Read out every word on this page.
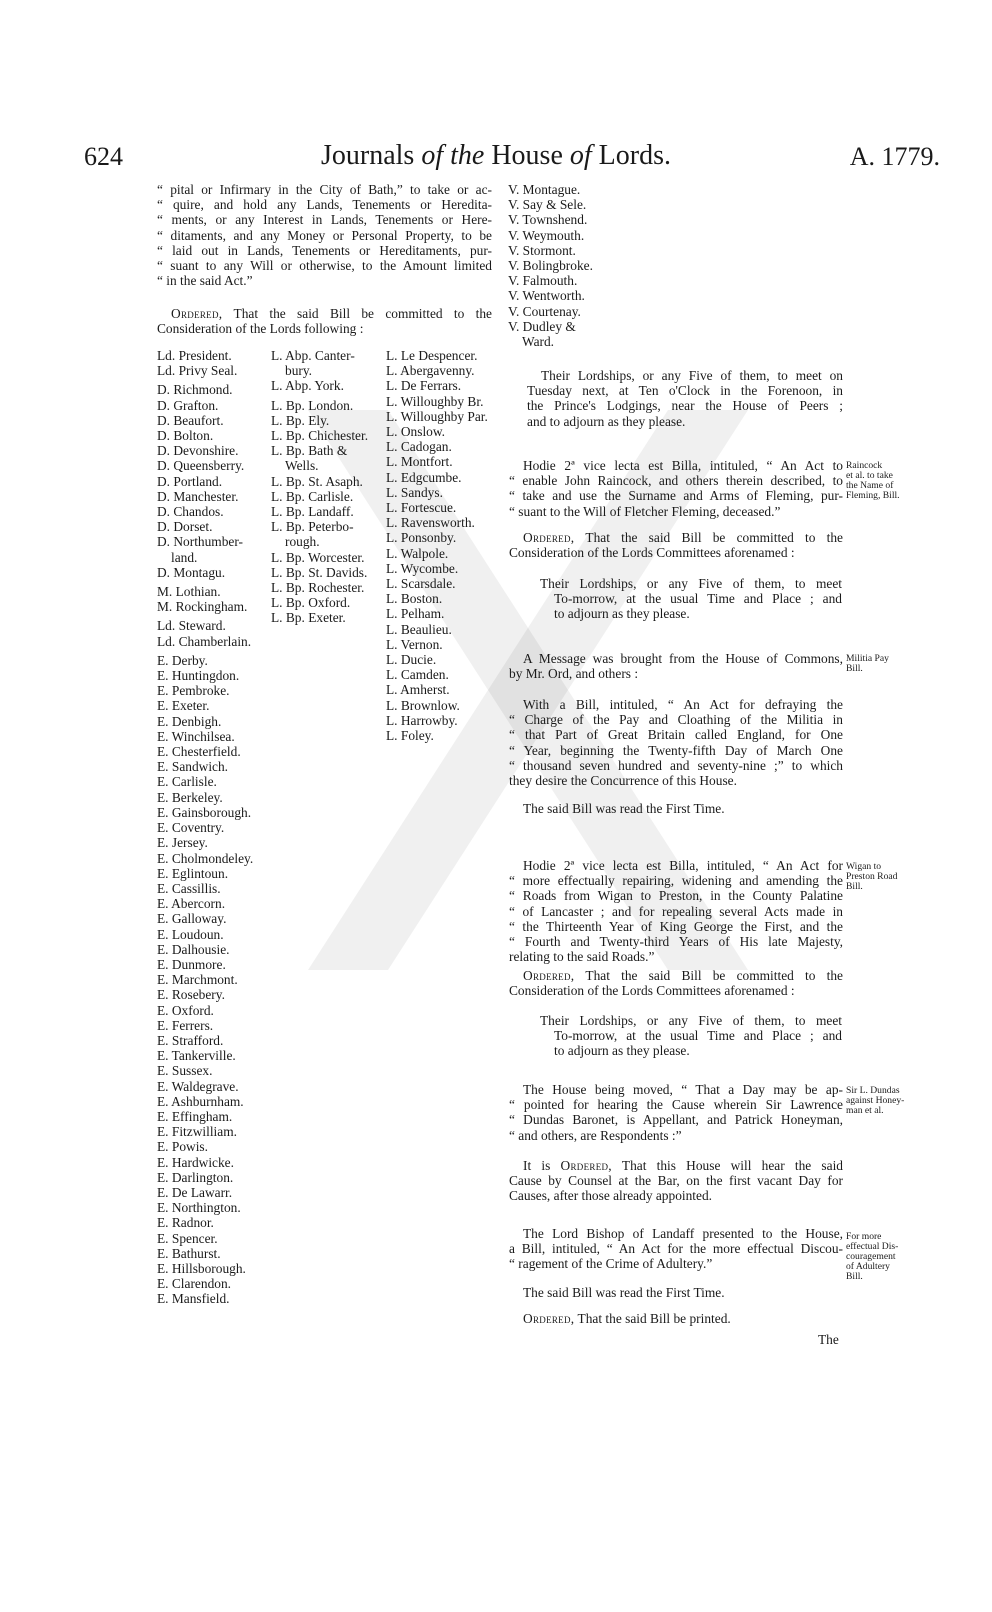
624	Journals of the House of Lords.	A. 1779.
“ pital or Infirmary in the City of Bath,” to take or ac-
“ quire, and hold any Lands, Tenements or Heredita-
“ ments, or any Interest in Lands, Tenements or Here-
“ ditaments, and any Money or Personal Property, to be
“ laid out in Lands, Tenements or Hereditaments, pur-
“ suant to any Will or otherwise, to the Amount limited
“ in the said Act.”
Ordered, That the said Bill be committed to the
Consideration of the Lords following :
Ld. President.
Ld. Privy Seal.
D. Richmond.
D. Grafton.
D. Beaufort.
D. Bolton.
D. Devonshire.
D. Queensberry.
D. Portland.
D. Manchester.
D. Chandos.
D. Dorset.
D. Northumber-
land.
D. Montagu.
M. Lothian.
M. Rockingham.
Ld. Steward.
Ld. Chamberlain.
E. Derby.
E. Huntingdon.
E. Pembroke.
E. Exeter.
E. Denbigh.
E. Winchilsea.
E. Chesterfield.
E. Sandwich.
E. Carlisle.
E. Berkeley.
E. Gainsborough.
E. Coventry.
E. Jersey.
E. Cholmondeley.
E. Eglintoun.
E. Cassillis.
E. Abercorn.
E. Galloway.
E. Loudoun.
E. Dalhousie.
E. Dunmore.
E. Marchmont.
E. Rosebery.
E. Oxford.
E. Ferrers.
E. Strafford.
E. Tankerville.
E. Sussex.
E. Waldegrave.
E. Ashburnham.
E. Effingham.
E. Fitzwilliam.
E. Powis.
E. Hardwicke.
E. Darlington.
E. De Lawarr.
E. Northington.
E. Radnor.
E. Spencer.
E. Bathurst.
E. Hillsborough.
E. Clarendon.
E. Mansfield.
L. Abp. Canter-
bury.
L. Abp. York.
L. Bp. London.
L. Bp. Ely.
L. Bp. Chichester.
L. Bp. Bath &
Wells.
L. Bp. St. Asaph.
L. Bp. Carlisle.
L. Bp. Landaff.
L. Bp. Peterbo-
rough.
L. Bp. Worcester.
L. Bp. St. Davids.
L. Bp. Rochester.
L. Bp. Oxford.
L. Bp. Exeter.
L. Le Despencer.
L. Abergavenny.
L. De Ferrars.
L. Willoughby Br.
L. Willoughby Par.
L. Onslow.
L. Cadogan.
L. Montfort.
L. Edgcumbe.
L. Sandys.
L. Fortescue.
L. Ravensworth.
L. Ponsonby.
L. Walpole.
L. Wycombe.
L. Scarsdale.
L. Boston.
L. Pelham.
L. Beaulieu.
L. Vernon.
L. Ducie.
L. Camden.
L. Amherst.
L. Brownlow.
L. Harrowby.
L. Foley.
V. Montague.
V. Say & Sele.
V. Townshend.
V. Weymouth.
V. Stormont.
V. Bolingbroke.
V. Falmouth.
V. Wentworth.
V. Courtenay.
V. Dudley &
Ward.
Their Lordships, or any Five of them, to meet on
Tuesday next, at Ten o'Clock in the Forenoon, in
the Prince's Lodgings, near the House of Peers ;
and to adjourn as they please.
Hodie 2ª vice lecta est Billa, intituled, “ An Act to
“ enable John Raincock, and others therein described, to
“ take and use the Surname and Arms of Fleming, pur-
“ suant to the Will of Fletcher Fleming, deceased.”
Raincock
et al. to take
the Name of
Fleming, Bill.
Ordered, That the said Bill be committed to the
Consideration of the Lords Committees aforenamed :
Their Lordships, or any Five of them, to meet
To-morrow, at the usual Time and Place ; and
to adjourn as they please.
A Message was brought from the House of Commons,
by Mr. Ord, and others :
Militia Pay
Bill.
With a Bill, intituled, “ An Act for defraying the
“ Charge of the Pay and Cloathing of the Militia in
“ that Part of Great Britain called England, for One
“ Year, beginning the Twenty-fifth Day of March One
“ thousand seven hundred and seventy-nine ;” to which
they desire the Concurrence of this House.
The said Bill was read the First Time.
Hodie 2ª vice lecta est Billa, intituled, “ An Act for
“ more effectually repairing, widening and amending the
“ Roads from Wigan to Preston, in the County Palatine
“ of Lancaster ; and for repealing several Acts made in
“ the Thirteenth Year of King George the First, and the
“ Fourth and Twenty-third Years of His late Majesty,
relating to the said Roads.”
Wigan to
Preston Road
Bill.
Ordered, That the said Bill be committed to the
Consideration of the Lords Committees aforenamed :
Their Lordships, or any Five of them, to meet
To-morrow, at the usual Time and Place ; and
to adjourn as they please.
The House being moved, “ That a Day may be ap-
“ pointed for hearing the Cause wherein Sir Lawrence
“ Dundas Baronet, is Appellant, and Patrick Honeyman,
“ and others, are Respondents :”
Sir L. Dundas
against Honey-
man et al.
It is Ordered, That this House will hear the said
Cause by Counsel at the Bar, on the first vacant Day for
Causes, after those already appointed.
The Lord Bishop of Landaff presented to the House,
a Bill, intituled, “ An Act for the more effectual Discou-
“ ragement of the Crime of Adultery.”
For more
effectual Dis-
couragement
of Adultery
Bill.
The said Bill was read the First Time.
Ordered, That the said Bill be printed.
The
